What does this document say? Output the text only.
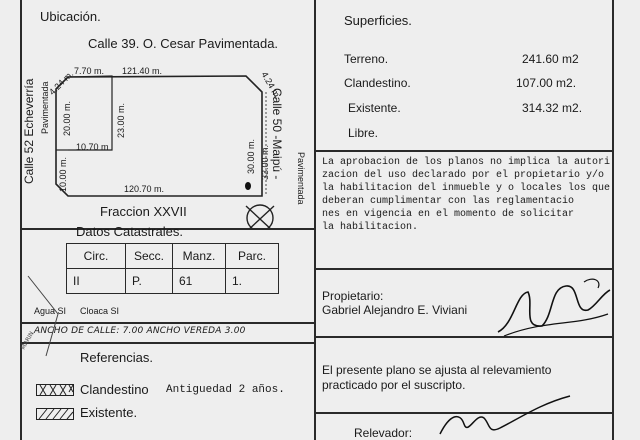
Ubicación.
Calle 39. O. Cesar Pavimentada.
4.24 m.
7.70 m. 121.40 m.	4.24 m.
20.00 m.	23.00 m.
10.70 m
10.00 m.
30.00 m. 33.00 m.
120.70 m.
Calle 52 Echeverría Pavimentada	Calle 50 -Maipú - Pavimentada
Fraccion XXVII
Datos Catastrales.
Circ.	Secc.	Manz.	Parc.
II	P.	61	1.
Agua SI Cloaca SI
ANCHO DE CALLE: 7.00 ANCHO VEREDA 3.00
MARIN
Referencias.
Clandestino Antiguedad 2 años.
Existente.
Superficies.
Terreno.	241.60 m2
Clandestino.	107.00 m2.
Existente.	314.32 m2.
Libre.
La aprobacion de los planos no implica la autori
zacion del uso declarado por el propietario y/o
la habilitacion del inmueble y o locales los que
deberan cumplimentar con las reglamentacio
nes en vigencia en el momento de solicitar
la habilitacion.
Propietario:
Gabriel Alejandro E. Viviani
El presente plano se ajusta al relevamiento
practicado por el suscripto.
Relevador:
